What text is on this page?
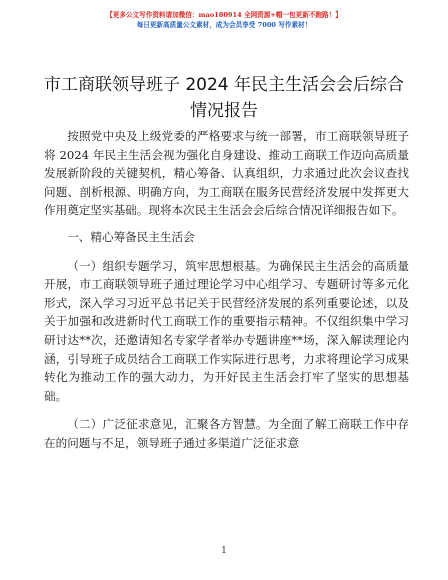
【更多公文写作资料请加微信：mao180914 全网资源+帽一包更新不跑路！】
每日更新高质量公文素材，成为会员享受 7000 写作素材！
市工商联领导班子 2024 年民主生活会会后综合情况报告

按照党中央及上级党委的严格要求与统一部署，市工商联领导班子将 2024 年民主生活会视为强化自身建设、推动工商联工作迈向高质量发展新阶段的关键契机，精心筹备、认真组织，力求通过此次会议查找问题、剖析根源、明确方向，为工商联在服务民营经济发展中发挥更大作用奠定坚实基础。现将本次民主生活会会后综合情况详细报告如下。

一、精心筹备民主生活会

（一）组织专题学习，筑牢思想根基。为确保民主生活会的高质量开展，市工商联领导班子通过理论学习中心组学习、专题研讨等多元化形式，深入学习习近平总书记关于民营经济发展的系列重要论述，以及关于加强和改进新时代工商联工作的重要指示精神。不仅组织集中学习研讨达**次，还邀请知名专家学者举办专题讲座**场，深入解读理论内涵，引导班子成员结合工商联工作实际进行思考，力求将理论学习成果转化为推动工作的强大动力，为开好民主生活会打牢了坚实的思想基础。

（二）广泛征求意见，汇聚各方智慧。为全面了解工商联工作中存在的问题与不足，领导班子通过多渠道广泛征求意

1
